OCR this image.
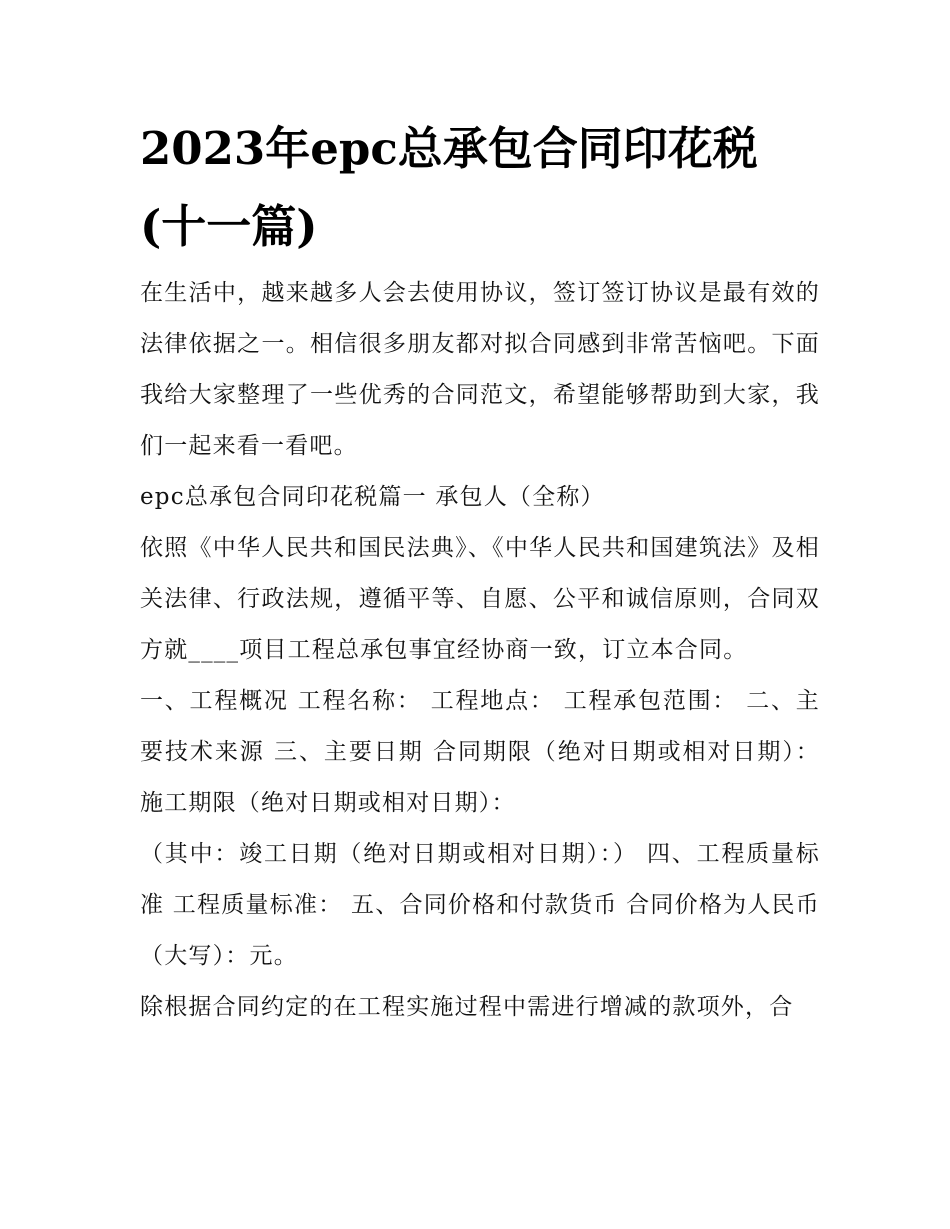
2023年epc总承包合同印花税(十一篇)

在生活中，越来越多人会去使用协议，签订签订协议是最有效的法律依据之一。相信很多朋友都对拟合同感到非常苦恼吧。下面我给大家整理了一些优秀的合同范文，希望能够帮助到大家，我们一起来看一看吧。

epc总承包合同印花税篇一 承包人（全称）

依照《中华人民共和国民法典》、《中华人民共和国建筑法》及相关法律、行政法规，遵循平等、自愿、公平和诚信原则，合同双方就____项目工程总承包事宜经协商一致，订立本合同。

一、工程概况 工程名称： 工程地点： 工程承包范围： 二、主要技术来源 三、主要日期 合同期限（绝对日期或相对日期）： 施工期限（绝对日期或相对日期）：

（其中：竣工日期（绝对日期或相对日期）：） 四、工程质量标准 工程质量标准： 五、合同价格和付款货币 合同价格为人民币（大写）：元。

除根据合同约定的在工程实施过程中需进行增减的款项外，合
